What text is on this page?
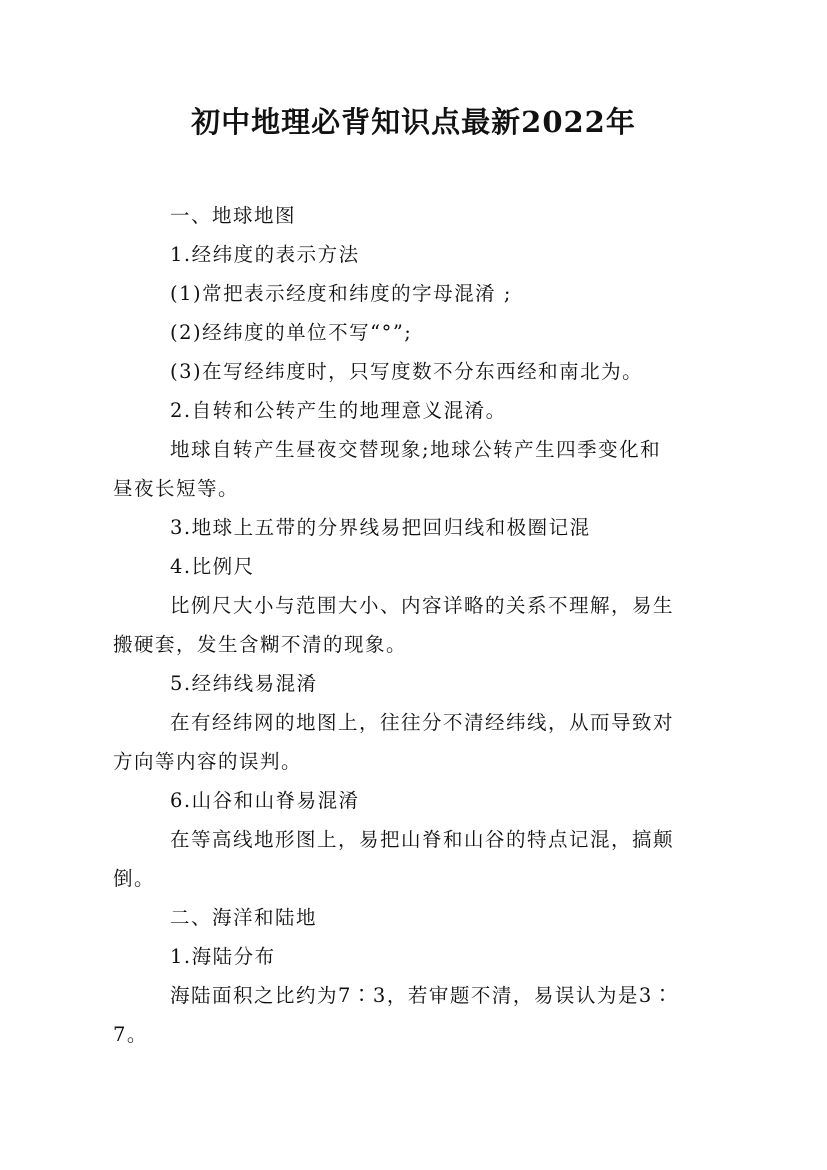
初中地理必背知识点最新2022年

一、地球地图

1.经纬度的表示方法

(1)常把表示经度和纬度的字母混淆 ;

(2)经纬度的单位不写“°”;

(3)在写经纬度时，只写度数不分东西经和南北为。

2.自转和公转产生的地理意义混淆。

地球自转产生昼夜交替现象;地球公转产生四季变化和
昼夜长短等。

3.地球上五带的分界线易把回归线和极圈记混

4.比例尺

比例尺大小与范围大小、内容详略的关系不理解，易生
搬硬套，发生含糊不清的现象。

5.经纬线易混淆

在有经纬网的地图上，往往分不清经纬线，从而导致对
方向等内容的误判。

6.山谷和山脊易混淆

在等高线地形图上，易把山脊和山谷的特点记混，搞颠
倒。

二、海洋和陆地

1.海陆分布

海陆面积之比约为7∶3，若审题不清，易误认为是3∶
7。
